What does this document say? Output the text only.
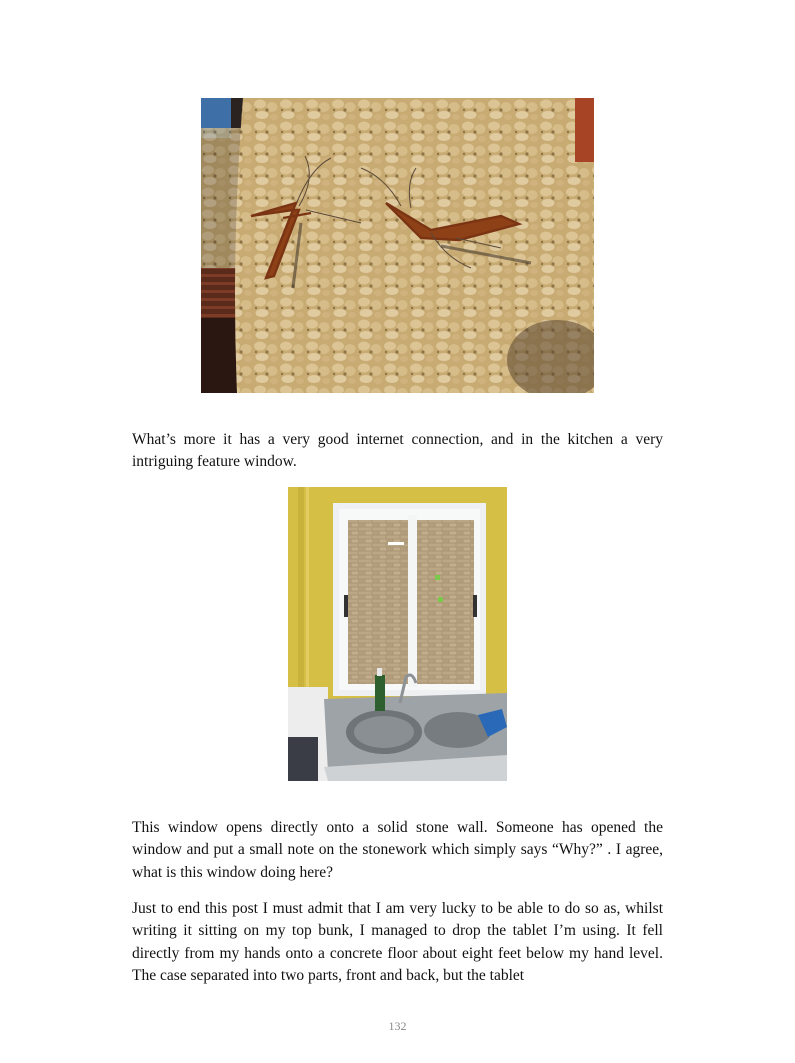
What’s more it has a very good internet connection, and in the kitchen a very intriguing feature window.

This window opens directly onto a solid stone wall. Someone has opened the window and put a small note on the stonework which simply says “Why?” . I agree, what is this window doing here?

Just to end this post I must admit that I am very lucky to be able to do so as, whilst writing it sitting on my top bunk, I managed to drop the tablet I’m using. It fell directly from my hands onto a concrete floor about eight feet below my hand level. The case separated into two parts, front and back, but the tablet

132
